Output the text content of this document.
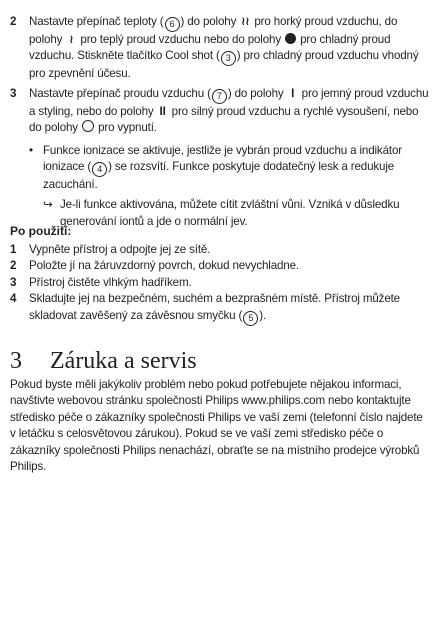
2	Nastavte přepínač teploty ( 6 ) do polohy ≀≀ pro horký proud vzduchu, do polohy ≀ pro teplý proud vzduchu nebo do polohy  pro chladný proud vzduchu. Stiskněte tlačítko Cool shot ( 3 ) pro chladný proud vzduchu vhodný pro zpevnění účesu.
3	Nastavte přepínač proudu vzduchu ( 7 ) do polohy I pro jemný proud vzduchu a styling, nebo do polohy II pro silný proud vzduchu a rychlé vysoušení, nebo do polohy  pro vypnutí.
• Funkce ionizace se aktivuje, jestliže je vybrán proud vzduchu a indikátor ionizace ( 4 ) se rozsvítí. Funkce poskytuje dodatečný lesk a redukuje zacuchání.
↪ Je-li funkce aktivována, můžete cítit zvláštní vůni. Vzniká v důsledku generování iontů a jde o normální jev.
Po použití:
1	Vypněte přístroj a odpojte jej ze sítě.
2	Položte jí na žáruvzdorný povrch, dokud nevychladne.
3	Přístroj čistěte vlhkým hadříkem.
4	Skladujte jej na bezpečném, suchém a bezprašném místě. Přístroj můžete skladovat zavěšený za závěsnou smyčku ( 5 ).
3	Záruka a servis

Pokud byste měli jakýkoliv problém nebo pokud potřebujete nějakou informaci, navštivte webovou stránku společnosti Philips www.philips.com nebo kontaktujte středisko péče o zákazníky společnosti Philips ve vaší zemi (telefonní číslo najdete v letáčku s celosvětovou zárukou). Pokud se ve vaší zemi středisko péče o zákazníky společnosti Philips nenachází, obraťte se na místního prodejce výrobků Philips.
